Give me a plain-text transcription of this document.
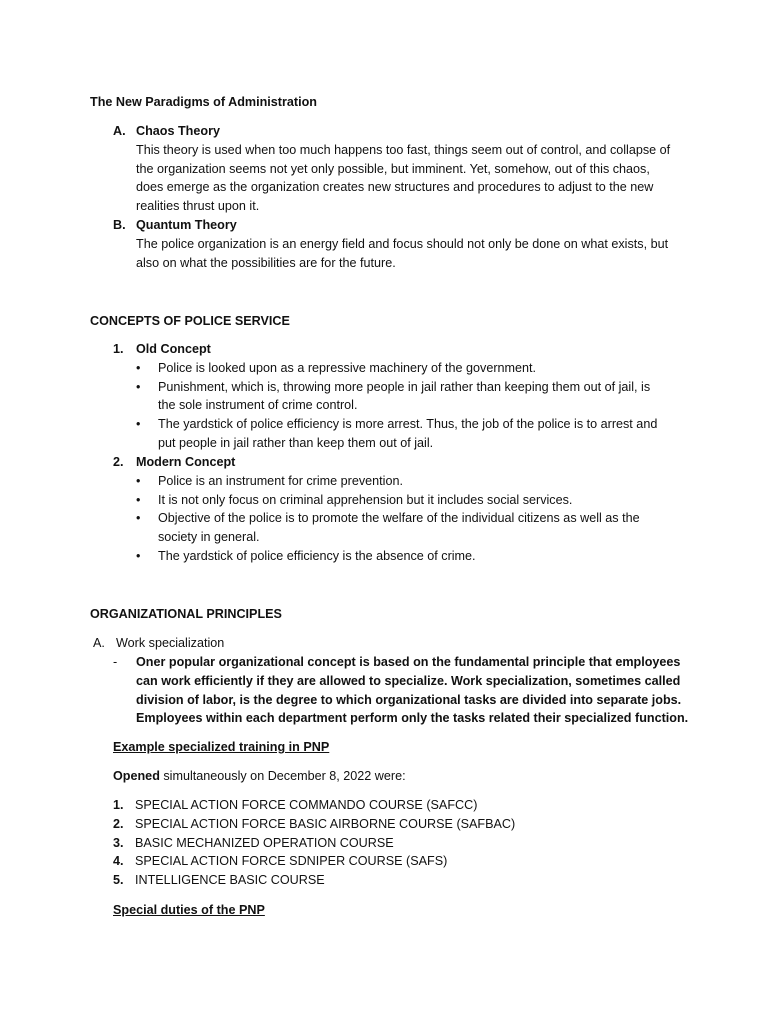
The New Paradigms of Administration
A. Chaos Theory
This theory is used when too much happens too fast, things seem out of control, and collapse of
the organization seems not yet only possible, but imminent. Yet, somehow, out of this chaos,
does emerge as the organization creates new structures and procedures to adjust to the new
realities thrust upon it.
B. Quantum Theory
The police organization is an energy field and focus should not only be done on what exists, but
also on what the possibilities are for the future.
CONCEPTS OF POLICE SERVICE
1. Old Concept
•	Police is looked upon as a repressive machinery of the government.
•	Punishment, which is, throwing more people in jail rather than keeping them out of jail, is
the sole instrument of crime control.
•	The yardstick of police efficiency is more arrest. Thus, the job of the police is to arrest and
put people in jail rather than keep them out of jail.
2. Modern Concept
•	Police is an instrument for crime prevention.
•	It is not only focus on criminal apprehension but it includes social services.
•	Objective of the police is to promote the welfare of the individual citizens as well as the
society in general.
•	The yardstick of police efficiency is the absence of crime.
ORGANIZATIONAL PRINCIPLES
A. Work specialization
-	Oner popular organizational concept is based on the fundamental principle that employees
can work efficiently if they are allowed to specialize. Work specialization, sometimes called
division of labor, is the degree to which organizational tasks are divided into separate jobs.
Employees within each department perform only the tasks related their specialized function.
Example specialized training in PNP
Opened simultaneously on December 8, 2022 were:
1. SPECIAL ACTION FORCE COMMANDO COURSE (SAFCC)
2. SPECIAL ACTION FORCE BASIC AIRBORNE COURSE (SAFBAC)
3. BASIC MECHANIZED OPERATION COURSE
4. SPECIAL ACTION FORCE SDNIPER COURSE (SAFS)
5. INTELLIGENCE BASIC COURSE
Special duties of the PNP
